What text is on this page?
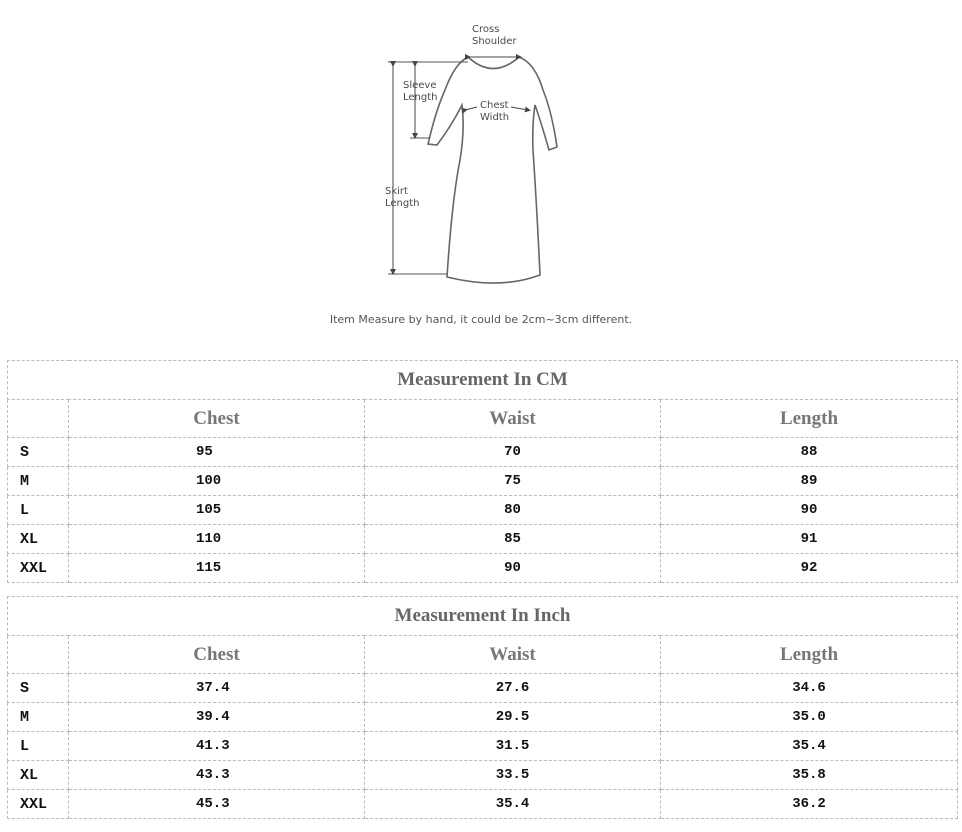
Cross
Shoulder
Sleeve
Length
Chest
Width
Skirt
Length
Item Measure by hand, it could be 2cm~3cm different.
Measurement In CM			
	Chest	Waist	Length
S	95	70	88
M	100	75	89
L	105	80	90
XL	110	85	91
XXL	115	90	92
Measurement In Inch			
	Chest	Waist	Length
S	37.4	27.6	34.6
M	39.4	29.5	35.0
L	41.3	31.5	35.4
XL	43.3	33.5	35.8
XXL	45.3	35.4	36.2
